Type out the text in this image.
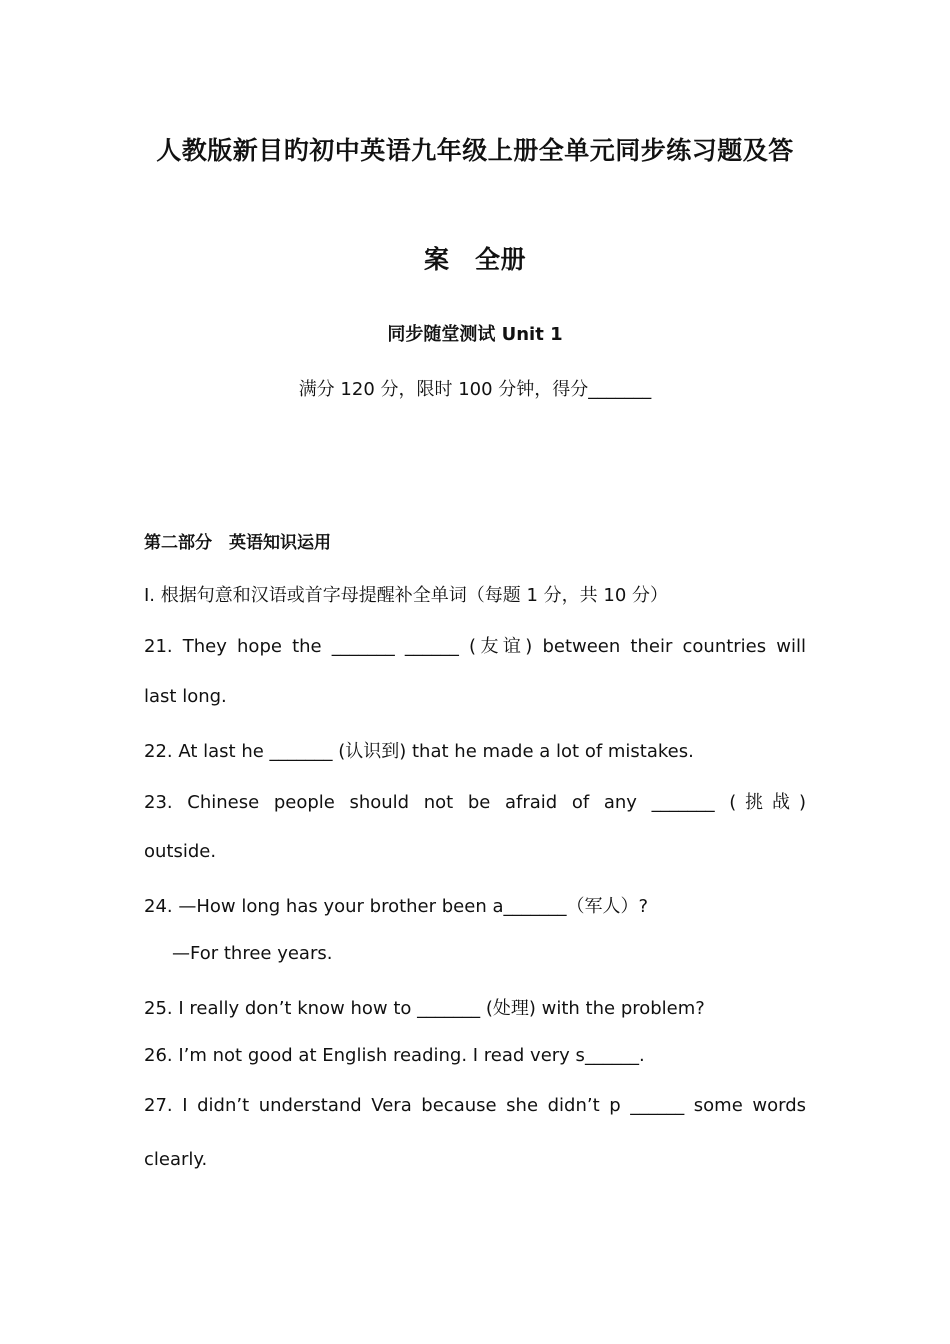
人教版新目旳初中英语九年级上册全单元同步练习题及答
案　全册
同步随堂测试 Unit 1
满分 120 分，限时 100 分钟，得分_______
第二部分　英语知识运用
I. 根据句意和汉语或首字母提醒补全单词（每题 1 分，共 10 分）
21. They hope the _______ ______ (友谊) between their countries will
last long.
22. At last he _______ (认识到) that he made a lot of mistakes.
23. Chinese people should not be afraid of any _______ (挑战)
outside.
24. —How long has your brother been a_______（军人）?
—For three years.
25. I really don’t know how to _______ (处理) with the problem?
26. I’m not good at English reading. I read very s______.
27. I didn’t understand Vera because she didn’t p ______ some words
clearly.
